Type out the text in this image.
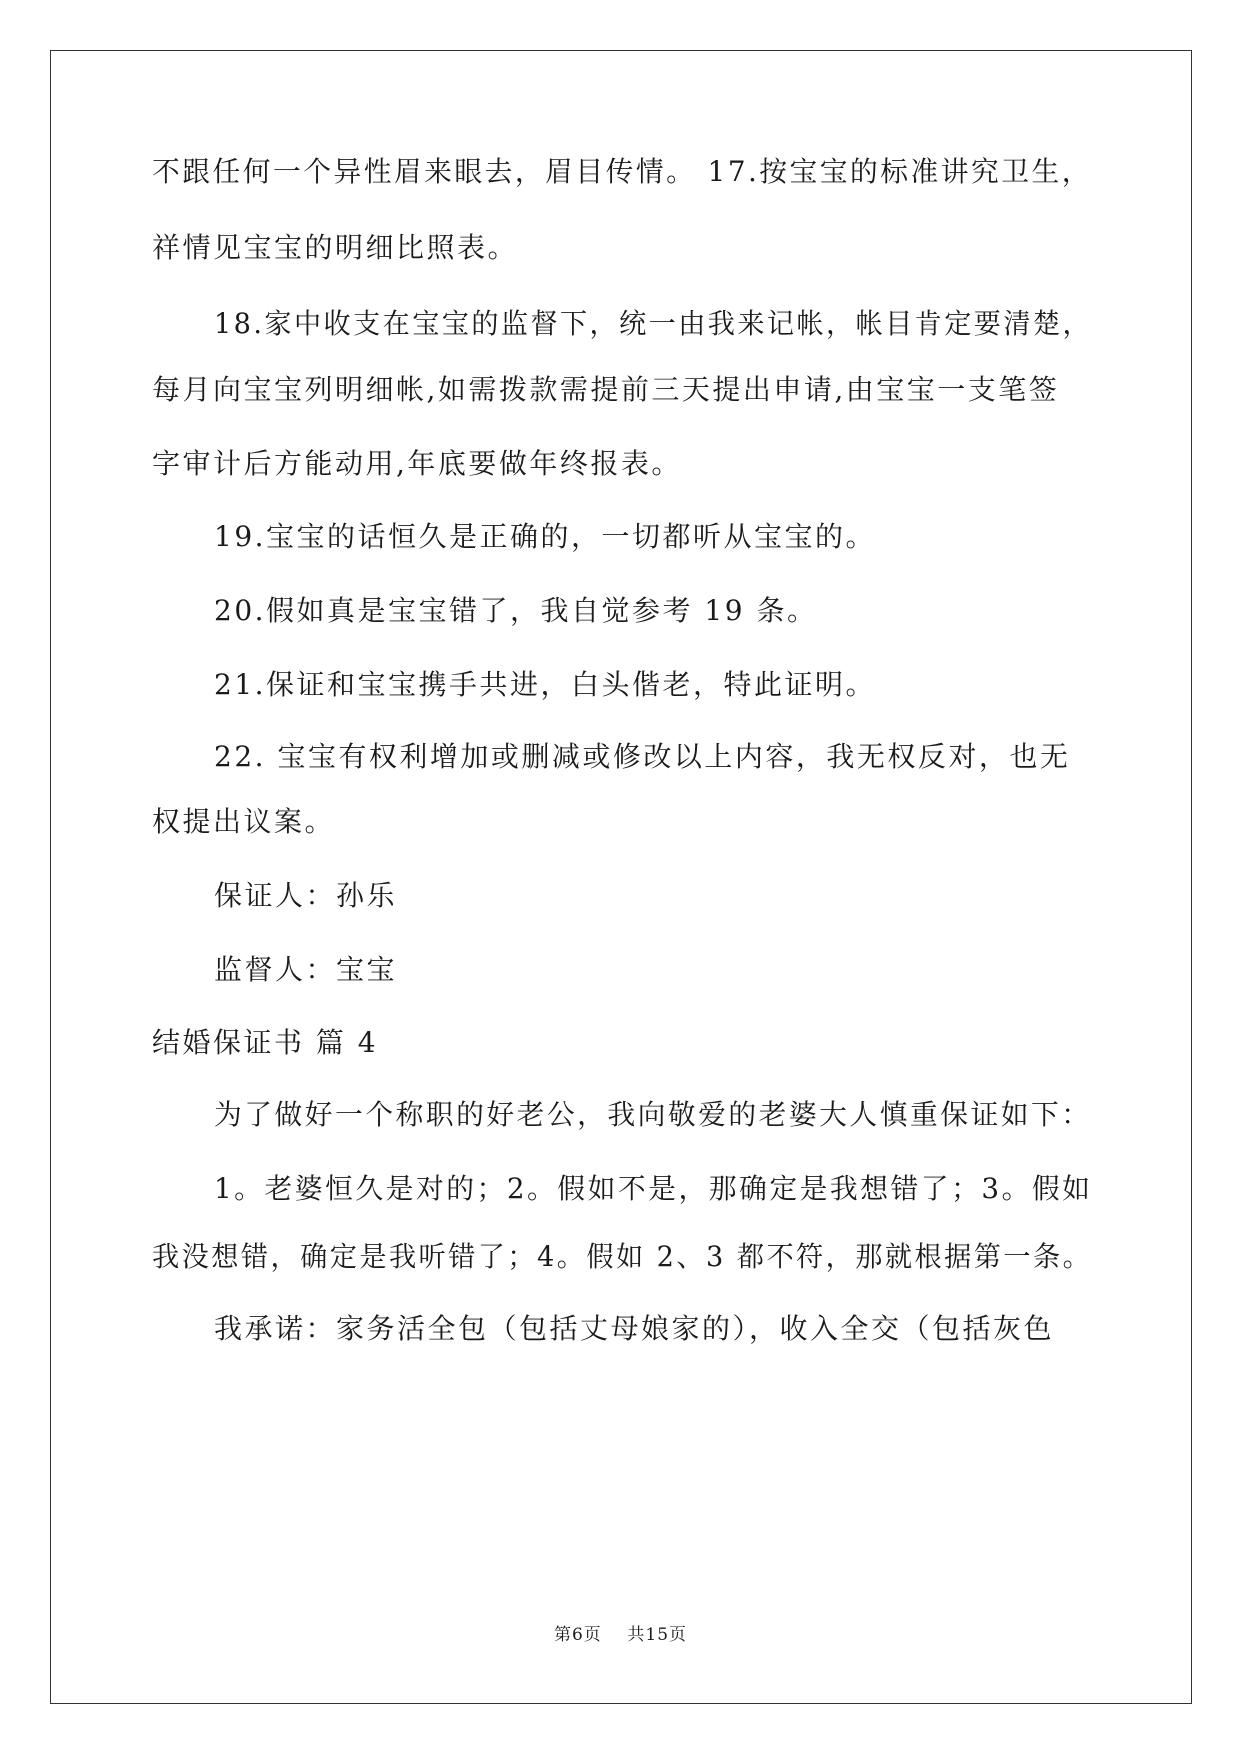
不跟任何一个异性眉来眼去，眉目传情。 17.按宝宝的标准讲究卫生，
祥情见宝宝的明细比照表。
18.家中收支在宝宝的监督下，统一由我来记帐，帐目肯定要清楚，
每月向宝宝列明细帐,如需拨款需提前三天提出申请,由宝宝一支笔签
字审计后方能动用,年底要做年终报表。
19.宝宝的话恒久是正确的，一切都听从宝宝的。
20.假如真是宝宝错了，我自觉参考 19 条。
21.保证和宝宝携手共进，白头偕老，特此证明。
22. 宝宝有权利增加或删减或修改以上内容，我无权反对，也无
权提出议案。
保证人：孙乐
监督人：宝宝
结婚保证书 篇 4
为了做好一个称职的好老公，我向敬爱的老婆大人慎重保证如下：
1。老婆恒久是对的；2。假如不是，那确定是我想错了；3。假如
我没想错，确定是我听错了；4。假如 2、3 都不符，那就根据第一条。
我承诺：家务活全包（包括丈母娘家的），收入全交（包括灰色
第6页 共15页
